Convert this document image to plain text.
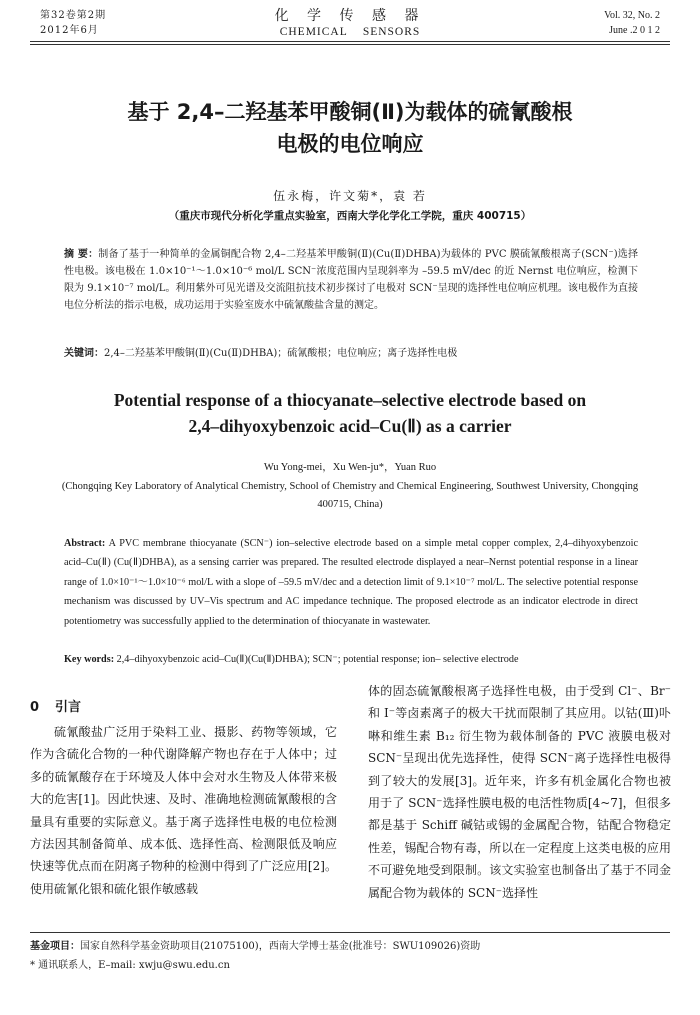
第32卷第2期
2012年6月
化 学 传 感 器
CHEMICAL    SENSORS
Vol. 32, No. 2
June .2 0 1 2
基于 2,4–二羟基苯甲酸铜(Ⅱ)为载体的硫氰酸根
电极的电位响应
伍永梅，许文菊*，袁 若
（重庆市现代分析化学重点实验室，西南大学化学化工学院，重庆 400715）
摘 要：制备了基于一种简单的金属铜配合物 2,4–二羟基苯甲酸铜(Ⅱ)(Cu(Ⅱ)DHBA)为载体的 PVC 膜硫氰酸根离子(SCN⁻)选择性电极。该电极在 1.0×10⁻¹～1.0×10⁻⁶ mol/L SCN⁻浓度范围内呈现斜率为 –59.5 mV/dec 的近 Nernst 电位响应，检测下限为 9.1×10⁻⁷ mol/L。利用紫外可见光谱及交流阻抗技术初步探讨了电极对 SCN⁻呈现的选择性电位响应机理。该电极作为直接电位分析法的指示电极，成功运用于实验室废水中硫氰酸盐含量的测定。
关键词：2,4–二羟基苯甲酸铜(Ⅱ)(Cu(Ⅱ)DHBA)；硫氰酸根；电位响应；离子选择性电极
Potential response of a thiocyanate–selective electrode based on
2,4–dihyoxybenzoic acid–Cu(Ⅱ) as a carrier
Wu Yong-mei，Xu Wen-ju*，Yuan Ruo
(Chongqing Key Laboratory of Analytical Chemistry, School of Chemistry and Chemical Engineering, Southwest University, Chongqing 400715, China)
Abstract: A PVC membrane thiocyanate (SCN⁻) ion–selective electrode based on a simple metal copper complex, 2,4–dihyoxybenzoic acid–Cu(Ⅱ) (Cu(Ⅱ)DHBA), as a sensing carrier was prepared. The resulted electrode displayed a near–Nernst potential response in a linear range of 1.0×10⁻¹～1.0×10⁻⁶ mol/L with a slope of –59.5 mV/dec and a detection limit of 9.1×10⁻⁷ mol/L. The selective potential response mechanism was discussed by UV–Vis spectrum and AC impedance technique. The proposed electrode as an indicator electrode in direct potentiometry was successfully applied to the determination of thiocyanate in wastewater.
Key words: 2,4–dihyoxybenzoic acid–Cu(Ⅱ)(Cu(Ⅱ)DHBA); SCN⁻; potential response; ion– selective electrode
0 引言
硫氰酸盐广泛用于染料工业、摄影、药物等领域，它作为含硫化合物的一种代谢降解产物也存在于人体中；过多的硫氰酸存在于环境及人体中会对水生物及人体带来极大的危害[1]。因此快速、及时、准确地检测硫氰酸根的含量具有重要的实际意义。基于离子选择性电极的电位检测方法因其制备简单、成本低、选择性高、检测限低及响应快速等优点而在阴离子物种的检测中得到了广泛应用[2]。使用硫氰化银和硫化银作敏感载
体的固态硫氰酸根离子选择性电极，由于受到 Cl⁻、Br⁻和 I⁻等卤素离子的极大干扰而限制了其应用。以钴(Ⅲ)卟啉和维生素 B₁₂ 衍生物为载体制备的 PVC 液膜电极对 SCN⁻呈现出优先选择性，使得 SCN⁻离子选择性电极得到了较大的发展[3]。近年来，许多有机金属化合物也被用于了 SCN⁻选择性膜电极的电活性物质[4~7]，但很多都是基于 Schiff 碱钴或锡的金属配合物，钴配合物稳定性差，锡配合物有毒，所以在一定程度上这类电极的应用不可避免地受到限制。该文实验室也制备出了基于不同金属配合物为载体的 SCN⁻选择性
基金项目：国家自然科学基金资助项目(21075100)，西南大学博士基金(批准号：SWU109026)资助
* 通讯联系人，E–mail: xwju@swu.edu.cn
